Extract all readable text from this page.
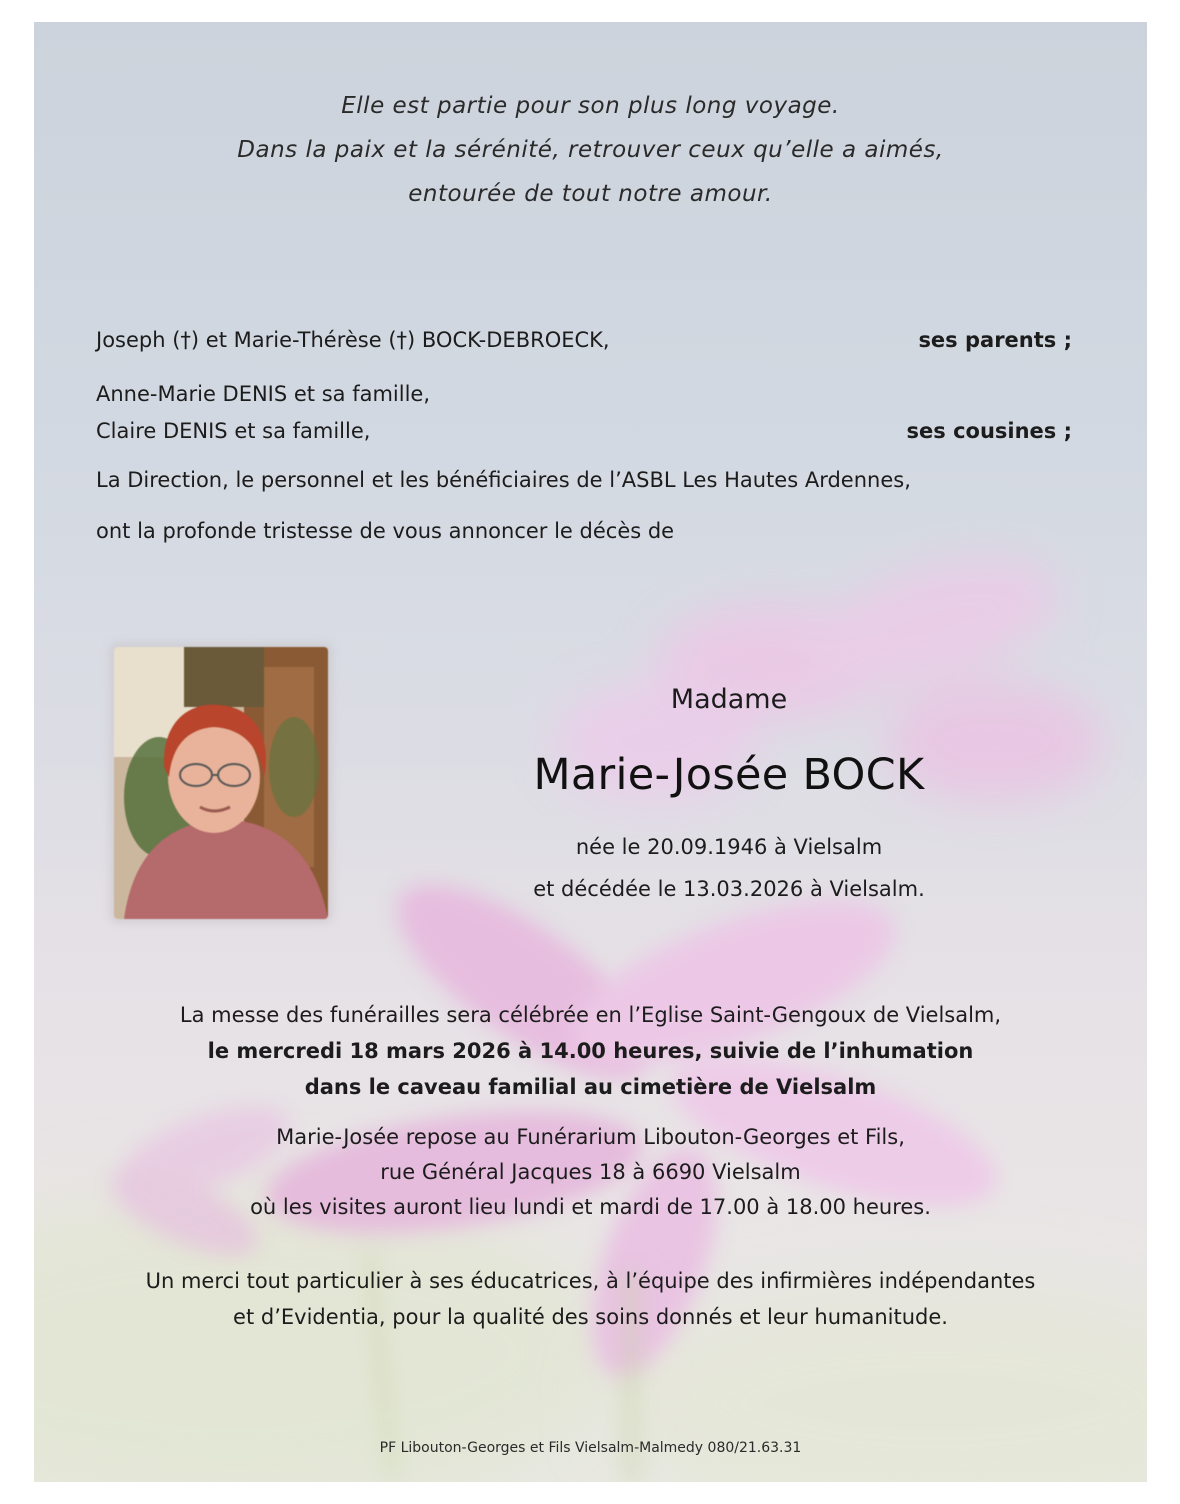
Elle est partie pour son plus long voyage.
Dans la paix et la sérénité, retrouver ceux qu’elle a aimés,
entourée de tout notre amour.
Joseph (†) et Marie-Thérèse (†) BOCK-DEBROECK,	ses parents ;
Anne-Marie DENIS et sa famille,
Claire DENIS et sa famille,	ses cousines ;
La Direction, le personnel et les bénéficiaires de l’ASBL Les Hautes Ardennes,
ont la profonde tristesse de vous annoncer le décès de
Madame
Marie-Josée BOCK
née le 20.09.1946 à Vielsalm
et décédée le 13.03.2026 à Vielsalm.
La messe des funérailles sera célébrée en l’Eglise Saint-Gengoux de Vielsalm,
le mercredi 18 mars 2026 à 14.00 heures, suivie de l’inhumation
dans le caveau familial au cimetière de Vielsalm
Marie-Josée repose au Funérarium Libouton-Georges et Fils,
rue Général Jacques 18 à 6690 Vielsalm
où les visites auront lieu lundi et mardi de 17.00 à 18.00 heures.
Un merci tout particulier à ses éducatrices, à l’équipe des infirmières indépendantes
et d’Evidentia, pour la qualité des soins donnés et leur humanitude.
PF Libouton-Georges et Fils Vielsalm-Malmedy 080/21.63.31
